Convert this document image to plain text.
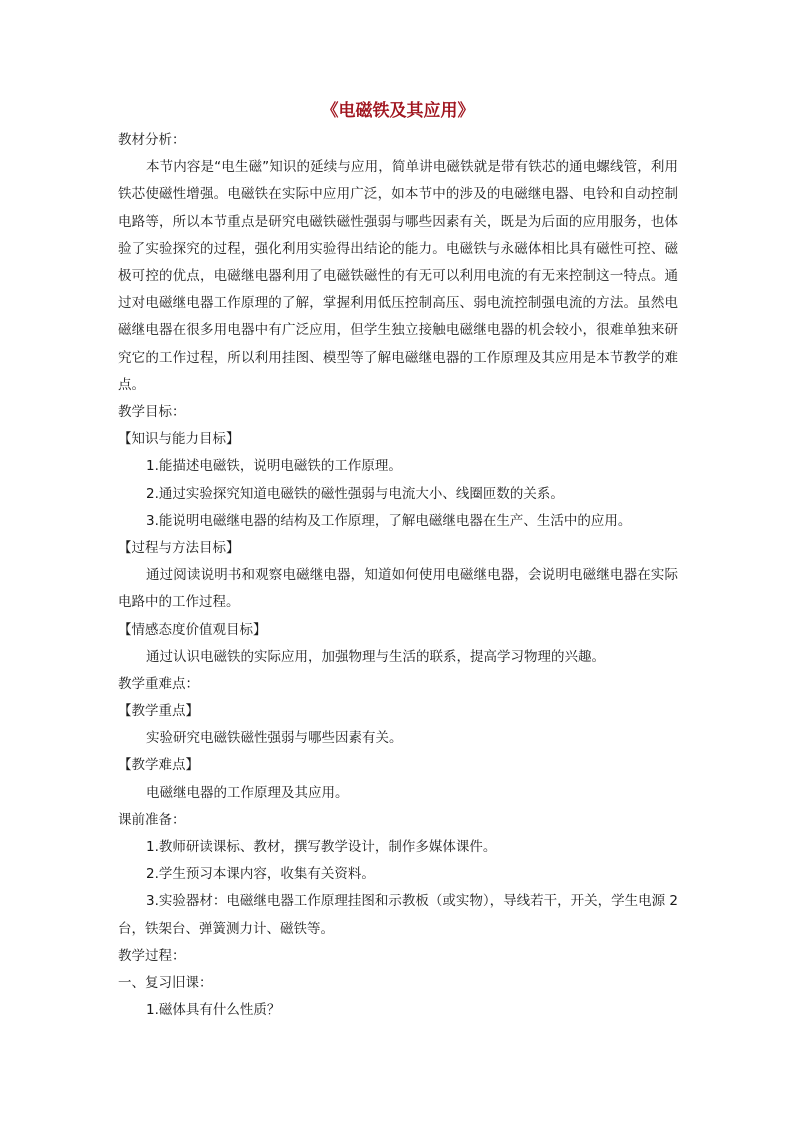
《电磁铁及其应用》
教材分析：
本节内容是“电生磁”知识的延续与应用，简单讲电磁铁就是带有铁芯的通电螺线管，利用铁芯使磁性增强。电磁铁在实际中应用广泛，如本节中的涉及的电磁继电器、电铃和自动控制电路等，所以本节重点是研究电磁铁磁性强弱与哪些因素有关，既是为后面的应用服务，也体验了实验探究的过程，强化利用实验得出结论的能力。电磁铁与永磁体相比具有磁性可控、磁极可控的优点，电磁继电器利用了电磁铁磁性的有无可以利用电流的有无来控制这一特点。通过对电磁继电器工作原理的了解，掌握利用低压控制高压、弱电流控制强电流的方法。虽然电磁继电器在很多用电器中有广泛应用，但学生独立接触电磁继电器的机会较小，很难单独来研究它的工作过程，所以利用挂图、模型等了解电磁继电器的工作原理及其应用是本节教学的难点。
教学目标：
【知识与能力目标】
1.能描述电磁铁，说明电磁铁的工作原理。
2.通过实验探究知道电磁铁的磁性强弱与电流大小、线圈匝数的关系。
3.能说明电磁继电器的结构及工作原理，了解电磁继电器在生产、生活中的应用。
【过程与方法目标】
通过阅读说明书和观察电磁继电器，知道如何使用电磁继电器，会说明电磁继电器在实际电路中的工作过程。
【情感态度价值观目标】
通过认识电磁铁的实际应用，加强物理与生活的联系，提高学习物理的兴趣。
教学重难点：
【教学重点】
实验研究电磁铁磁性强弱与哪些因素有关。
【教学难点】
电磁继电器的工作原理及其应用。
课前准备：
1.教师研读课标、教材，撰写教学设计，制作多媒体课件。
2.学生预习本课内容，收集有关资料。
3.实验器材：电磁继电器工作原理挂图和示教板（或实物），导线若干，开关，学生电源 2 台，铁架台、弹簧测力计、磁铁等。
教学过程：
一、复习旧课：
1.磁体具有什么性质？
